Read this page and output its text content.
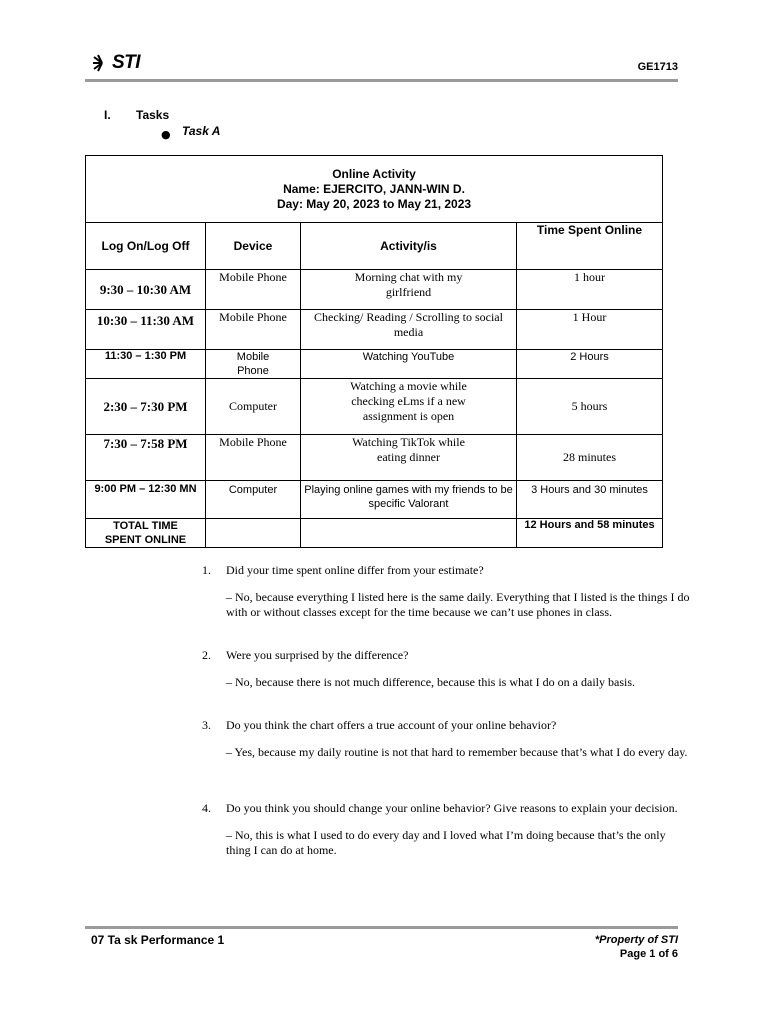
STI	GE1713
I. Tasks
● Task A
Online Activity
Name: EJERCITO, JANN-WIN D.
Day: May 20, 2023 to May 21, 2023			

Log On/Log Off	Device	Activity/is	Time Spent Online
9:30 – 10:30 AM	Mobile Phone	Morning chat with my girlfriend	1 hour
10:30 – 11:30 AM	Mobile Phone	Checking/ Reading / Scrolling to social media	1 Hour
11:30 – 1:30 PM	Mobile Phone	Watching YouTube	2 Hours
2:30 – 7:30 PM	Computer	Watching a movie while checking eLms if a new assignment is open	5 hours
7:30 – 7:58 PM	Mobile Phone	Watching TikTok while eating dinner	28 minutes
9:00 PM – 12:30 MN	Computer	Playing online games with my friends to be specific Valorant	3 Hours and 30 minutes
TOTAL TIME SPENT ONLINE			12 Hours and 58 minutes
1. Did your time spent online differ from your estimate?
– No, because everything I listed here is the same daily. Everything that I listed is the things I do with or without classes except for the time because we can’t use phones in class.
2. Were you surprised by the difference?
– No, because there is not much difference, because this is what I do on a daily basis.
3. Do you think the chart offers a true account of your online behavior?
– Yes, because my daily routine is not that hard to remember because that’s what I do every day.
4. Do you think you should change your online behavior? Give reasons to explain your decision.
– No, this is what I used to do every day and I loved what I’m doing because that’s the only thing I can do at home.
07 Ta sk Performance 1	*Property of STI
Page 1 of 6
